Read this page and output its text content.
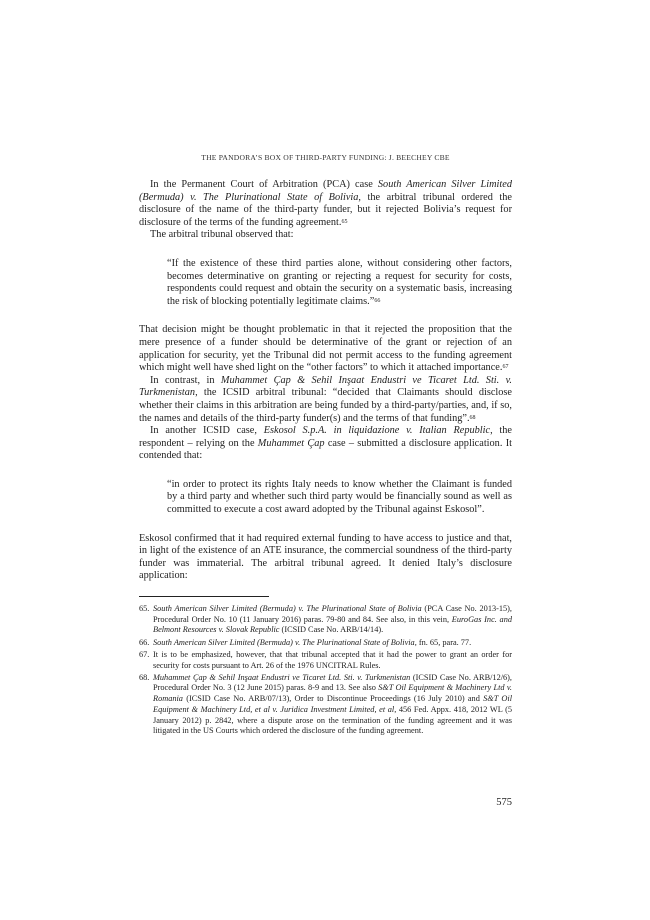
THE PANDORA’S BOX OF THIRD-PARTY FUNDING: J. BEECHEY CBE

In the Permanent Court of Arbitration (PCA) case South American Silver Limited (Bermuda) v. The Plurinational State of Bolivia, the arbitral tribunal ordered the disclosure of the name of the third-party funder, but it rejected Bolivia’s request for disclosure of the terms of the funding agreement.$^{65}$

The arbitral tribunal observed that:

“If the existence of these third parties alone, without considering other factors, becomes determinative on granting or rejecting a request for security for costs, respondents could request and obtain the security on a systematic basis, increasing the risk of blocking potentially legitimate claims.”$^{66}$

That decision might be thought problematic in that it rejected the proposition that the mere presence of a funder should be determinative of the grant or rejection of an application for security, yet the Tribunal did not permit access to the funding agreement which might well have shed light on the “other factors” to which it attached importance.$^{67}$

In contrast, in Muhammet Çap & Sehil Inşaat Endustri ve Ticaret Ltd. Sti. v. Turkmenistan, the ICSID arbitral tribunal: “decided that Claimants should disclose whether their claims in this arbitration are being funded by a third-party/parties, and, if so, the names and details of the third-party funder(s) and the terms of that funding”.$^{68}$

In another ICSID case, Eskosol S.p.A. in liquidazione v. Italian Republic, the respondent – relying on the Muhammet Çap case – submitted a disclosure application. It contended that:

“in order to protect its rights Italy needs to know whether the Claimant is funded by a third party and whether such third party would be financially sound as well as committed to execute a cost award adopted by the Tribunal against Eskosol”.

Eskosol confirmed that it had required external funding to have access to justice and that, in light of the existence of an ATE insurance, the commercial soundness of the third-party funder was immaterial. The arbitral tribunal agreed. It denied Italy’s disclosure application:

65. South American Silver Limited (Bermuda) v. The Plurinational State of Bolivia (PCA Case No. 2013-15), Procedural Order No. 10 (11 January 2016) paras. 79-80 and 84. See also, in this vein, EuroGas Inc. and Belmont Resources v. Slovak Republic (ICSID Case No. ARB/14/14).
66. South American Silver Limited (Bermuda) v. The Plurinational State of Bolivia, fn. 65, para. 77.
67. It is to be emphasized, however, that that tribunal accepted that it had the power to grant an order for security for costs pursuant to Art. 26 of the 1976 UNCITRAL Rules.
68. Muhammet Çap & Sehil Inşaat Endustri ve Ticaret Ltd. Sti. v. Turkmenistan (ICSID Case No. ARB/12/6), Procedural Order No. 3 (12 June 2015) paras. 8-9 and 13. See also S&T Oil Equipment & Machinery Ltd v. Romania (ICSID Case No. ARB/07/13), Order to Discontinue Proceedings (16 July 2010) and S&T Oil Equipment & Machinery Ltd, et al v. Juridica Investment Limited, et al, 456 Fed. Appx. 418, 2012 WL (5 January 2012) p. 2842, where a dispute arose on the termination of the funding agreement and it was litigated in the US Courts which ordered the disclosure of the funding agreement.
575
